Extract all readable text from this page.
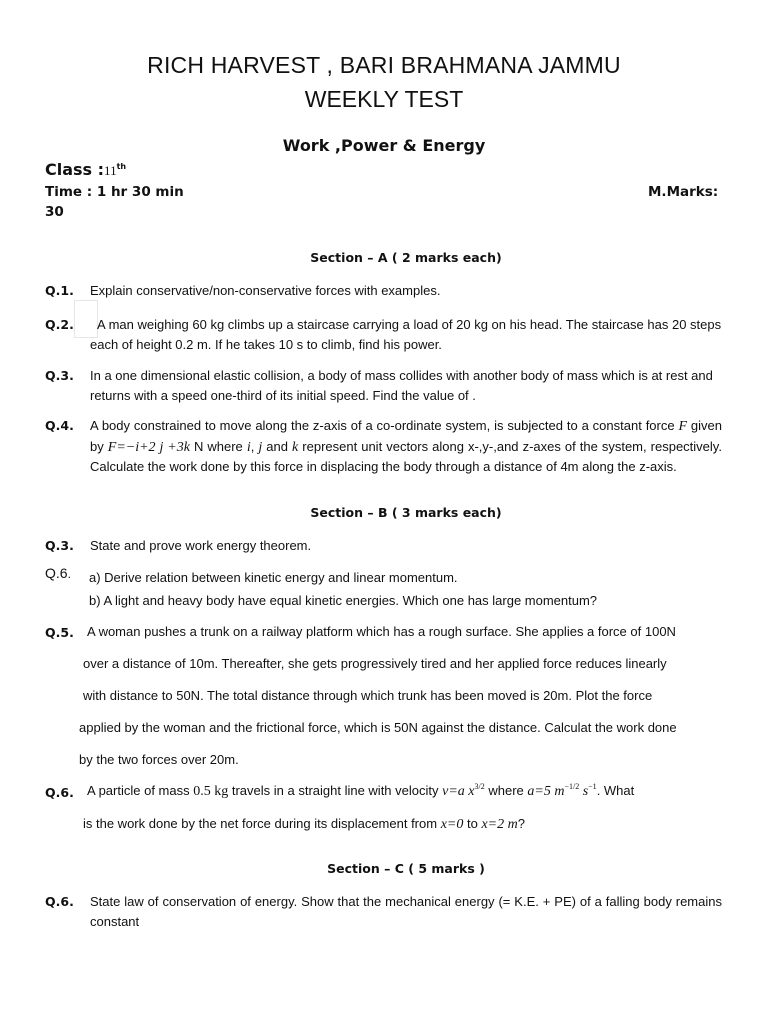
RICH HARVEST , BARI BRAHMANA JAMMU
WEEKLY TEST
Work ,Power & Energy
Class :11th
Time : 1 hr 30 min	M.Marks:
30
Section – A ( 2 marks each)
Q.1. Explain conservative/non-conservative forces with examples.
Q.2.	A man weighing 60 kg climbs up a staircase carrying a load of 20 kg on his head. The staircase has 20 steps each of height 0.2 m. If he takes 10 s to climb, find his power.
Q.3. In a one dimensional elastic collision, a body of mass collides with another body of mass which is at rest and returns with a speed one-third of its initial speed. Find the value of .
Q.4. A body constrained to move along the z-axis of a co-ordinate system, is subjected to a constant force F given by F=−i+2 j +3k N where i, j and k represent unit vectors along x-,y-,and z-axes of the system, respectively. Calculate the work done by this force in displacing the body through a distance of 4m along the z-axis.
Section – B ( 3 marks each)
Q.3. State and prove work energy theorem.
Q.6. a) Derive relation between kinetic energy and linear momentum.
b) A light and heavy body have equal kinetic energies. Which one has large momentum?
Q.5. A woman pushes a trunk on a railway platform which has a rough surface. She applies a force of 100N
over a distance of 10m. Thereafter, she gets progressively tired and her applied force reduces linearly
with distance to 50N. The total distance through which trunk has been moved is 20m. Plot the force
applied by the woman and the frictional force, which is 50N against the distance. Calculat the work done
by the two forces over 20m.
Q.6. A particle of mass 0.5 kg travels in a straight line with velocity v=a $x^{3/2}$ where a=5 $m^{-1/2}$ $s^{-1}$. What
is the work done by the net force during its displacement from x=0 to x=2 m?
Section – C ( 5 marks )
Q.6. State law of conservation of energy. Show that the mechanical energy (= K.E. + PE) of a falling body remains constant
